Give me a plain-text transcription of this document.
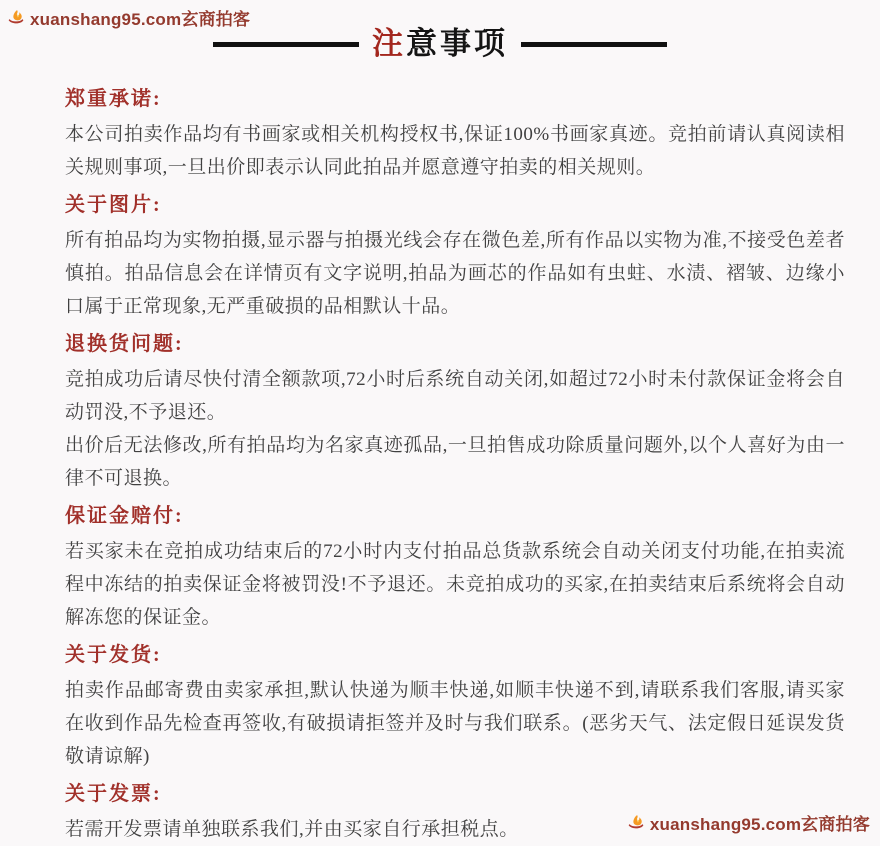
xuanshang95.com玄商拍客
注意事项
郑重承诺:

本公司拍卖作品均有书画家或相关机构授权书,保证100%书画家真迹。竞拍前请认真阅读相关规则事项,一旦出价即表示认同此拍品并愿意遵守拍卖的相关规则。

关于图片:

所有拍品均为实物拍摄,显示器与拍摄光线会存在微色差,所有作品以实物为准,不接受色差者慎拍。拍品信息会在详情页有文字说明,拍品为画芯的作品如有虫蛀、水渍、褶皱、边缘小口属于正常现象,无严重破损的品相默认十品。

退换货问题:

竞拍成功后请尽快付清全额款项,72小时后系统自动关闭,如超过72小时未付款保证金将会自动罚没,不予退还。

出价后无法修改,所有拍品均为名家真迹孤品,一旦拍售成功除质量问题外,以个人喜好为由一律不可退换。

保证金赔付:

若买家未在竞拍成功结束后的72小时内支付拍品总货款系统会自动关闭支付功能,在拍卖流程中冻结的拍卖保证金将被罚没!不予退还。未竞拍成功的买家,在拍卖结束后系统将会自动解冻您的保证金。

关于发货:

拍卖作品邮寄费由卖家承担,默认快递为顺丰快递,如顺丰快递不到,请联系我们客服,请买家在收到作品先检查再签收,有破损请拒签并及时与我们联系。(恶劣天气、法定假日延误发货敬请谅解)

关于发票:

若需开发票请单独联系我们,并由买家自行承担税点。	xuanshang95.com玄商拍客
